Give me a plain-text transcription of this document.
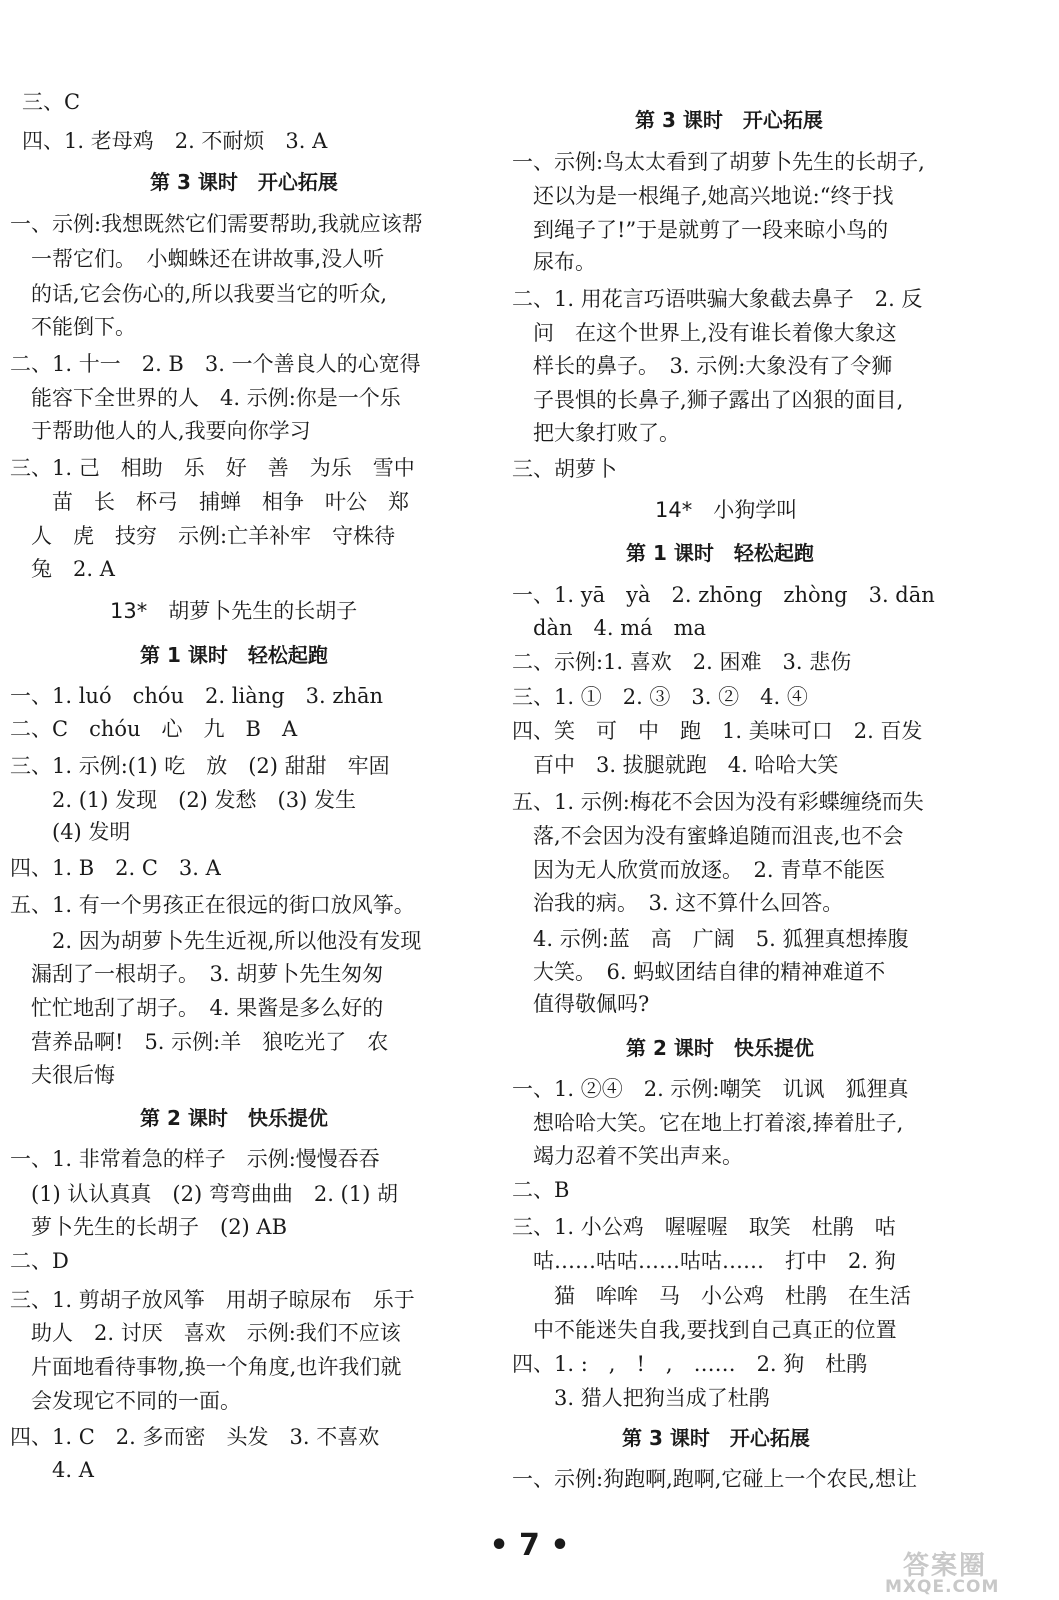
三、C
四、1. 老母鸡　2. 不耐烦　3. A
第 3 课时　开心拓展
一、示例:我想既然它们需要帮助,我就应该帮
　一帮它们。　小蜘蛛还在讲故事,没人听
　的话,它会伤心的,所以我要当它的听众,
　不能倒下。
二、1. 十一　2. B　3. 一个善良人的心宽得
　能容下全世界的人　4. 示例:你是一个乐
　于帮助他人的人,我要向你学习
三、1. 己　相助　乐　好　善　为乐　雪中
　　苗　长　杯弓　捕蝉　相争　叶公　郑
　人　虎　技穷　示例:亡羊补牢　守株待
　兔　2. A
13*　胡萝卜先生的长胡子
第 1 课时　轻松起跑
一、1. luó　chóu　2. liàng　3. zhān
二、C　chóu　心　九　B　A
三、1. 示例:(1) 吃　放　(2) 甜甜　牢固
　　2. (1) 发现　(2) 发愁　(3) 发生
　　(4) 发明
四、1. B　2. C　3. A
五、1. 有一个男孩正在很远的街口放风筝。
　　2. 因为胡萝卜先生近视,所以他没有发现
　漏刮了一根胡子。　3. 胡萝卜先生匆匆
　忙忙地刮了胡子。　4. 果酱是多么好的
　营养品啊!　5. 示例:羊　狼吃光了　农
　夫很后悔
第 2 课时　快乐提优
一、1. 非常着急的样子　示例:慢慢吞吞
　(1) 认认真真　(2) 弯弯曲曲　2. (1) 胡
　萝卜先生的长胡子　(2) AB
二、D
三、1. 剪胡子放风筝　用胡子晾尿布　乐于
　助人　2. 讨厌　喜欢　示例:我们不应该
　片面地看待事物,换一个角度,也许我们就
　会发现它不同的一面。
四、1. C　2. 多而密　头发　3. 不喜欢
　　4. A
第 3 课时　开心拓展
一、示例:鸟太太看到了胡萝卜先生的长胡子,
　还以为是一根绳子,她高兴地说:“终于找
　到绳子了!”于是就剪了一段来晾小鸟的
　尿布。
二、1. 用花言巧语哄骗大象截去鼻子　2. 反
　问　在这个世界上,没有谁长着像大象这
　样长的鼻子。　3. 示例:大象没有了令狮
　子畏惧的长鼻子,狮子露出了凶狠的面目,
　把大象打败了。
三、胡萝卜
14*　小狗学叫
第 1 课时　轻松起跑
一、1. yā　yà　2. zhōng　zhòng　3. dān
　dàn　4. má　ma
二、示例:1. 喜欢　2. 困难　3. 悲伤
三、1. ①　2. ③　3. ②　4. ④
四、笑　可　中　跑　1. 美味可口　2. 百发
　百中　3. 拔腿就跑　4. 哈哈大笑
五、1. 示例:梅花不会因为没有彩蝶缠绕而失
　落,不会因为没有蜜蜂追随而沮丧,也不会
　因为无人欣赏而放逐。　2. 青草不能医
　治我的病。　3. 这不算什么回答。
　4. 示例:蓝　高　广阔　5. 狐狸真想捧腹
　大笑。　6. 蚂蚁团结自律的精神难道不
　值得敬佩吗?
第 2 课时　快乐提优
一、1. ②④　2. 示例:嘲笑　讥讽　狐狸真
　想哈哈大笑。它在地上打着滚,捧着肚子,
　竭力忍着不笑出声来。
二、B
三、1. 小公鸡　喔喔喔　取笑　杜鹃　咕
　咕……咕咕……咕咕……　打中　2. 狗
　　猫　哞哞　马　小公鸡　杜鹃　在生活
　中不能迷失自我,要找到自己真正的位置
四、1. :　,　!　,　……　2. 狗　杜鹃
　　3. 猎人把狗当成了杜鹃
第 3 课时　开心拓展
一、示例:狗跑啊,跑啊,它碰上一个农民,想让
• 7 •
答案圈
MXQE.COM
